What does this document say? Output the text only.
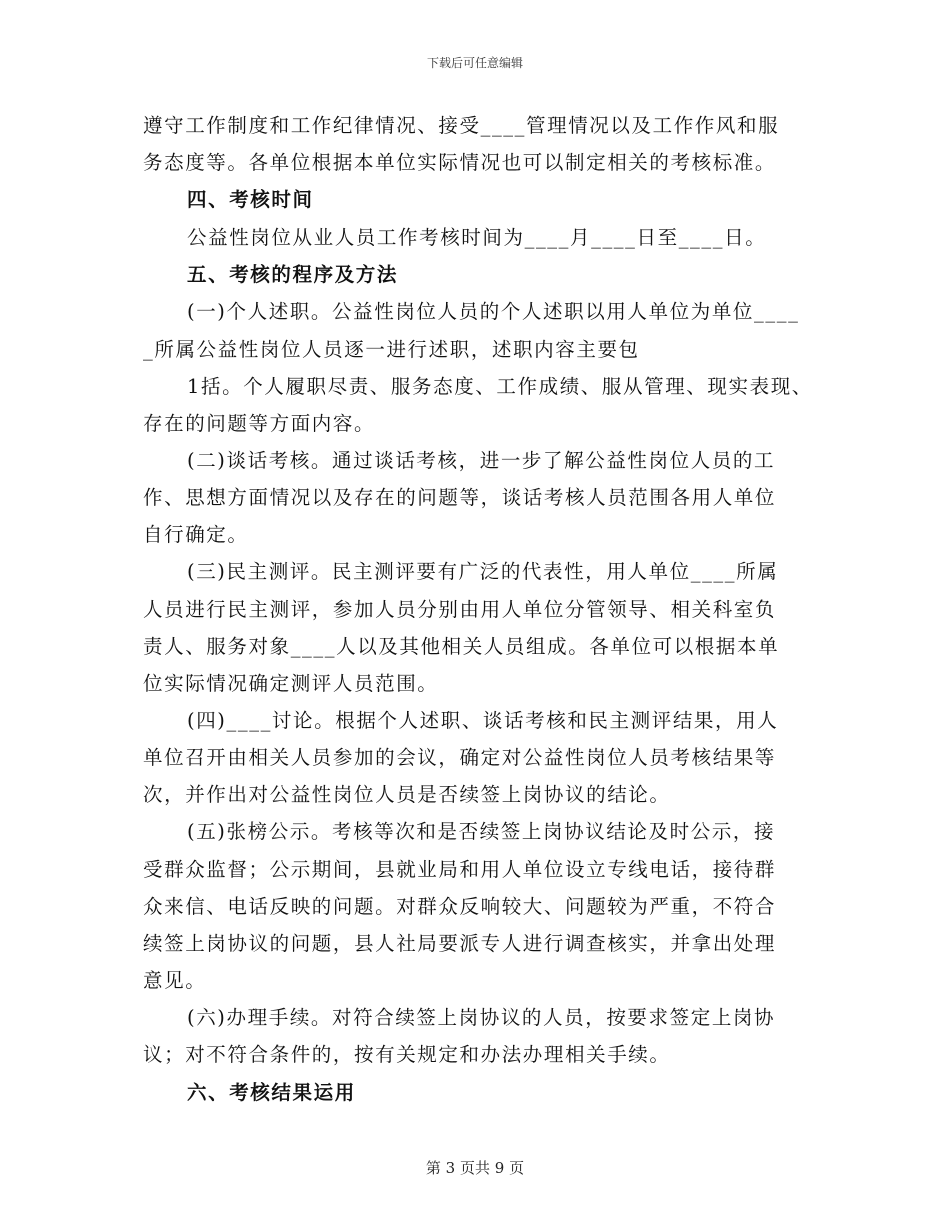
下载后可任意编辑
遵守工作制度和工作纪律情况、接受____管理情况以及工作作风和服
务态度等。各单位根据本单位实际情况也可以制定相关的考核标准。
四、考核时间
公益性岗位从业人员工作考核时间为____月____日至____日。
五、考核的程序及方法
(一)个人述职。公益性岗位人员的个人述职以用人单位为单位____
_所属公益性岗位人员逐一进行述职，述职内容主要包
1括。个人履职尽责、服务态度、工作成绩、服从管理、现实表现、
存在的问题等方面内容。
(二)谈话考核。通过谈话考核，进一步了解公益性岗位人员的工
作、思想方面情况以及存在的问题等，谈话考核人员范围各用人单位
自行确定。
(三)民主测评。民主测评要有广泛的代表性，用人单位____所属
人员进行民主测评，参加人员分别由用人单位分管领导、相关科室负
责人、服务对象____人以及其他相关人员组成。各单位可以根据本单
位实际情况确定测评人员范围。
(四)____讨论。根据个人述职、谈话考核和民主测评结果，用人
单位召开由相关人员参加的会议，确定对公益性岗位人员考核结果等
次，并作出对公益性岗位人员是否续签上岗协议的结论。
(五)张榜公示。考核等次和是否续签上岗协议结论及时公示，接
受群众监督；公示期间，县就业局和用人单位设立专线电话，接待群
众来信、电话反映的问题。对群众反响较大、问题较为严重，不符合
续签上岗协议的问题，县人社局要派专人进行调查核实，并拿出处理
意见。
(六)办理手续。对符合续签上岗协议的人员，按要求签定上岗协
议；对不符合条件的，按有关规定和办法办理相关手续。
六、考核结果运用
第 3 页共 9 页
